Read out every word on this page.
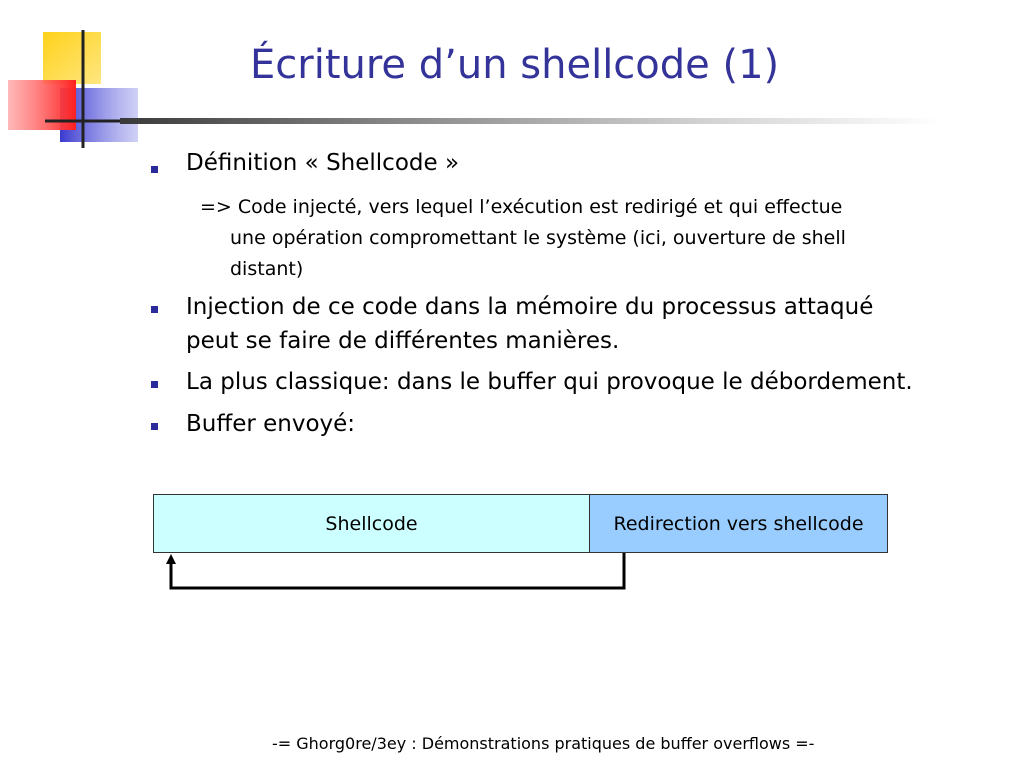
Écriture d’un shellcode (1)
Définition « Shellcode »
=> Code injecté, vers lequel l’exécution est redirigé et qui effectue
une opération compromettant le système (ici, ouverture de shell
distant)
Injection de ce code dans la mémoire du processus attaqué
peut se faire de différentes manières.
La plus classique: dans le buffer qui provoque le débordement.
Buffer envoyé:
Shellcode	Redirection vers shellcode
-= Ghorg0re/3ey : Démonstrations pratiques de buffer overflows =-
